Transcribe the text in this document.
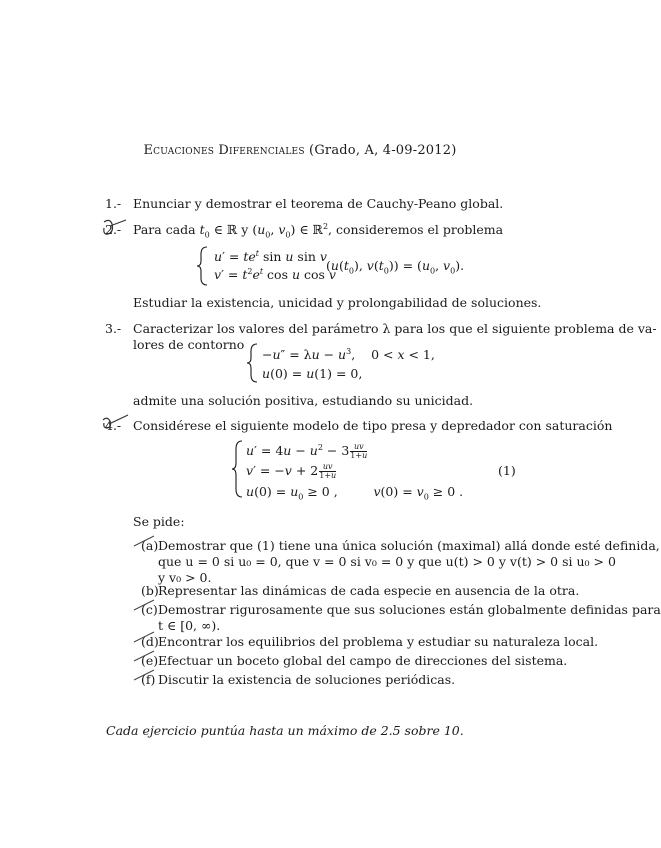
Ecuaciones Diferenciales (Grado, A, 4-09-2012)
1.- Enunciar y demostrar el teorema de Cauchy-Peano global.
2.- Para cada $t_0$ ∈ ℝ y ($u_0$, $v_0$) ∈ ℝ$^2$, consideremos el problema
$u' = te^t$ sin u sin v
$v' = t^2e^t$ cos u cos v
($u(t_0)$, $v(t_0)) = (u_0$, $v_0$).
Estudiar la existencia, unicidad y prolongabilidad de soluciones.
3.- Caracterizar los valores del parámetro λ para los que el siguiente problema de va-
lores de contorno
$-u'' = \lambda u - u^3$,    0 < x < 1,
u(0) = u(1) = 0,
admite una solución positiva, estudiando su unicidad.
4.- Considérese el siguiente modelo de tipo presa y depredador con saturación
$u' = 4u - u^2 - 3 \frac{uv}{1+u}$
$v' = -v + 2 \frac{uv}{1+u}$
$u(0) = u_0 \ge 0$ ,         $v(0) = v_0 \ge 0$ .
(1)
Se pide:
(a) Demostrar que (1) tiene una única solución (maximal) allá donde esté definida,
que u = 0 si u₀ = 0, que v = 0 si v₀ = 0 y que u(t) > 0 y v(t) > 0 si u₀ > 0
y v₀ > 0.
(b) Representar las dinámicas de cada especie en ausencia de la otra.
(c) Demostrar rigurosamente que sus soluciones están globalmente definidas para
t ∈ [0, ∞).
(d) Encontrar los equilibrios del problema y estudiar su naturaleza local.
(e) Efectuar un boceto global del campo de direcciones del sistema.
(f) Discutir la existencia de soluciones periódicas.
Cada ejercicio puntúa hasta un máximo de 2.5 sobre 10.
